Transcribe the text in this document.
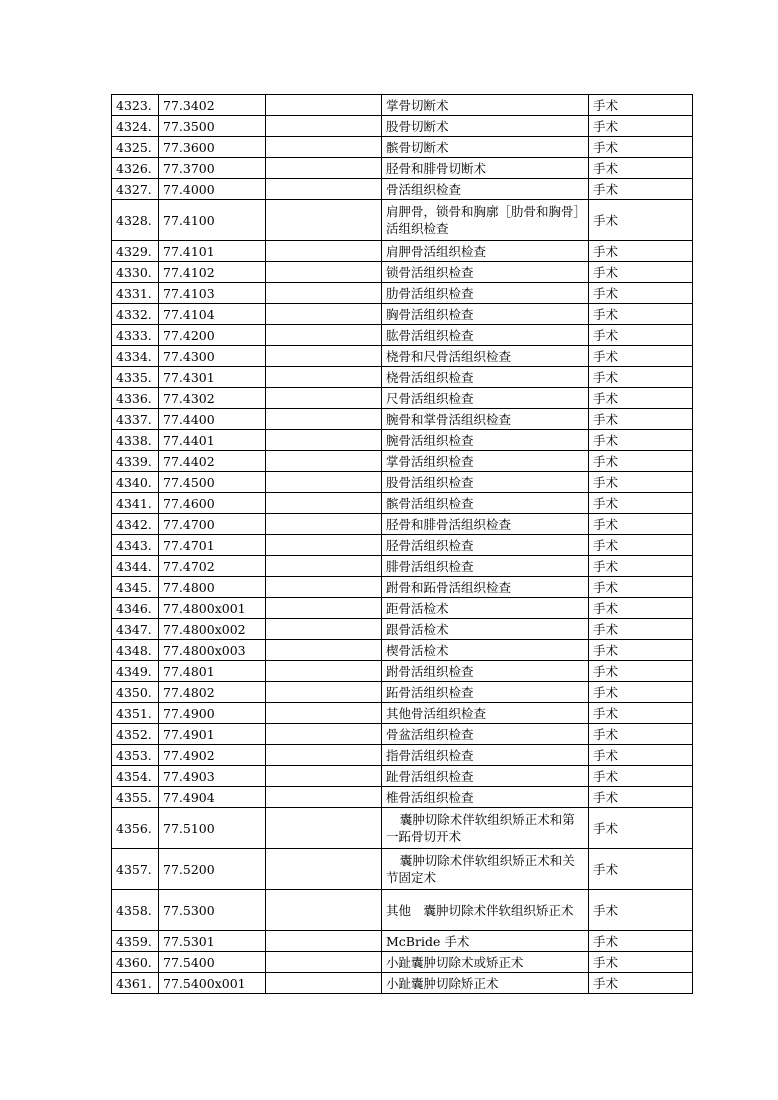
4323.	77.3402		掌骨切断术	手术	
4324.	77.3500		股骨切断术	手术	
4325.	77.3600		髌骨切断术	手术	
4326.	77.3700		胫骨和腓骨切断术	手术	
4327.	77.4000		骨活组织检查	手术	
4328.	77.4100		肩胛骨，锁骨和胸廓［肋骨和胸骨］活组织检查	手术	
4329.	77.4101		肩胛骨活组织检查	手术	
4330.	77.4102		锁骨活组织检查	手术	
4331.	77.4103		肋骨活组织检查	手术	
4332.	77.4104		胸骨活组织检查	手术	
4333.	77.4200		肱骨活组织检查	手术	
4334.	77.4300		桡骨和尺骨活组织检查	手术	
4335.	77.4301		桡骨活组织检查	手术	
4336.	77.4302		尺骨活组织检查	手术	
4337.	77.4400		腕骨和掌骨活组织检查	手术	
4338.	77.4401		腕骨活组织检查	手术	
4339.	77.4402		掌骨活组织检查	手术	
4340.	77.4500		股骨活组织检查	手术	
4341.	77.4600		髌骨活组织检查	手术	
4342.	77.4700		胫骨和腓骨活组织检查	手术	
4343.	77.4701		胫骨活组织检查	手术	
4344.	77.4702		腓骨活组织检查	手术	
4345.	77.4800		跗骨和跖骨活组织检查	手术	
4346.	77.4800x001		距骨活检术	手术	
4347.	77.4800x002		跟骨活检术	手术	
4348.	77.4800x003		楔骨活检术	手术	
4349.	77.4801		跗骨活组织检查	手术	
4350.	77.4802		跖骨活组织检查	手术	
4351.	77.4900		其他骨活组织检查	手术	
4352.	77.4901		骨盆活组织检查	手术	
4353.	77.4902		指骨活组织检查	手术	
4354.	77.4903		趾骨活组织检查	手术	
4355.	77.4904		椎骨活组织检查	手术	
4356.	77.5100		囊肿切除术伴软组织矫正术和第一跖骨切开术	手术	
4357.	77.5200		囊肿切除术伴软组织矫正术和关节固定术	手术	
4358.	77.5300		其他　囊肿切除术伴软组织矫正术	手术	
4359.	77.5301		McBride 手术	手术	
4360.	77.5400		小趾囊肿切除术或矫正术	手术	
4361.	77.5400x001		小趾囊肿切除矫正术	手术	
